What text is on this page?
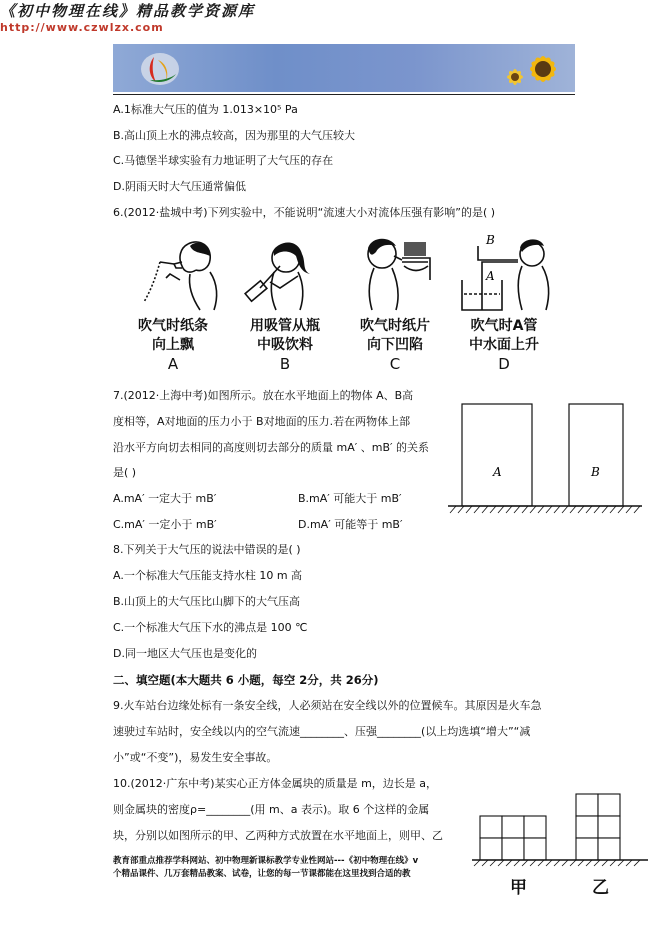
《初中物理在线》精品教学资源库
http://www.czwlzx.com
A.1标准大气压的值为 1.013×10⁵ Pa
B.高山顶上水的沸点较高，因为那里的大气压较大
C.马德堡半球实验有力地证明了大气压的存在
D.阴雨天时大气压通常偏低
6.(2012·盐城中考)下列实验中，不能说明“流速大小对流体压强有影响”的是( )
B
A
吹气时纸条
向上飘
A
用吸管从瓶
中吸饮料
B
吹气时纸片
向下凹陷
C
吹气时A管
中水面上升
D
7.(2012·上海中考)如图所示。放在水平地面上的物体 A、B高
度相等，A对地面的压力小于 B对地面的压力.若在两物体上部
沿水平方向切去相同的高度则切去部分的质量 mA′ 、mB′ 的关系
是( )
A.mA′ 一定大于 mB′	B.mA′ 可能大于 mB′
C.mA′ 一定小于 mB′	D.mA′ 可能等于 mB′
A	B
8.下列关于大气压的说法中错误的是( )
A.一个标准大气压能支持水柱 10 m 高
B.山顶上的大气压比山脚下的大气压高
C.一个标准大气压下水的沸点是 100 ℃
D.同一地区大气压也是变化的
二、填空题(本大题共 6 小题，每空 2分，共 26分)
9.火车站台边缘处标有一条安全线，人必须站在安全线以外的位置候车。其原因是火车急
速驶过车站时，安全线以内的空气流速________、压强________(以上均选填“增大”“减
小”或“不变”)，易发生安全事故。
10.(2012·广东中考)某实心正方体金属块的质量是 m，边长是 a，
则金属块的密度ρ=________(用 m、a 表示)。取 6 个这样的金属
块，分别以如图所示的甲、乙两种方式放置在水平地面上，则甲、乙
甲	乙
教育部重点推荐学科网站、初中物理新课标教学专业性网站---《初中物理在线》v
个精品课件、几万套精品教案、试卷，让您的每一节课都能在这里找到合适的教
